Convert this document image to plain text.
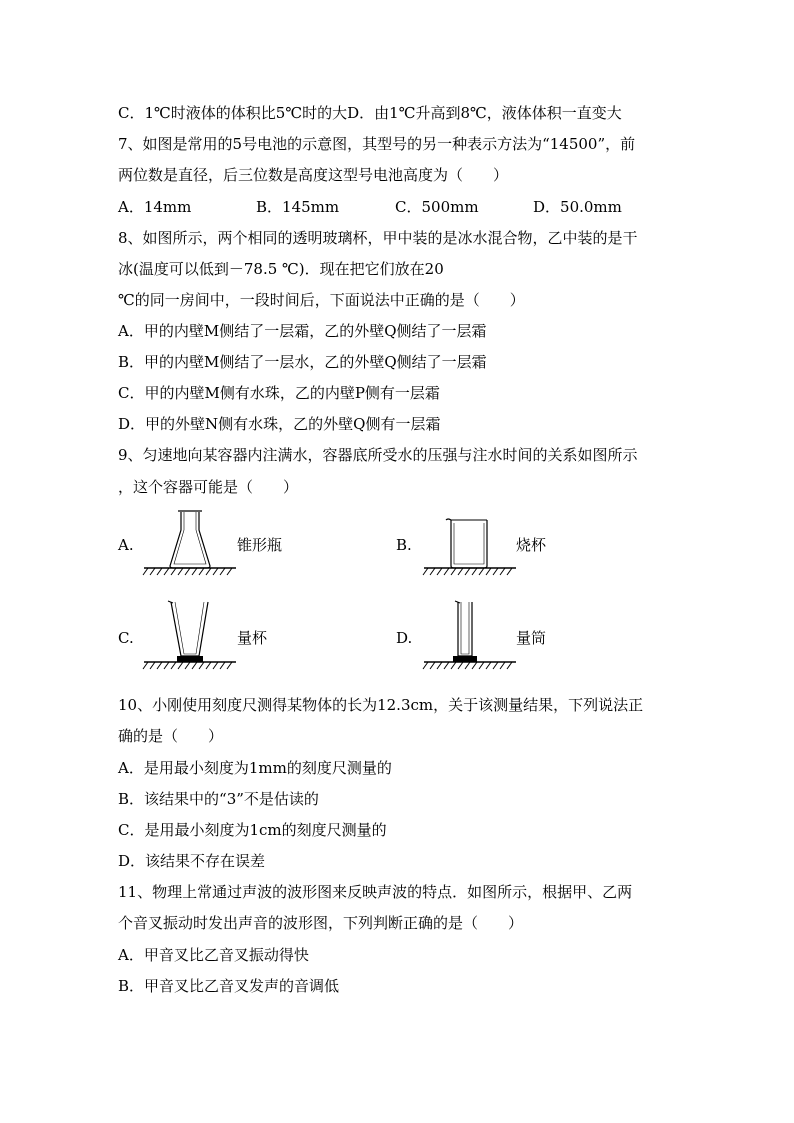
C．1℃时液体的体积比5℃时的大D．由1℃升高到8℃，液体体积一直变大
7、如图是常用的5号电池的示意图，其型号的另一种表示方法为“14500”，前
两位数是直径，后三位数是高度这型号电池高度为（　　）
A．14mm	B．145mm	C．500mm	D．50.0mm
8、如图所示，两个相同的透明玻璃杯，甲中装的是冰水混合物，乙中装的是干
冰(温度可以低到－78.5 ℃)．现在把它们放在20
℃的同一房间中，一段时间后，下面说法中正确的是（　　）
A．甲的内壁M侧结了一层霜，乙的外壁Q侧结了一层霜
B．甲的内壁M侧结了一层水，乙的外壁Q侧结了一层霜
C．甲的内壁M侧有水珠，乙的内壁P侧有一层霜
D．甲的外壁N侧有水珠，乙的外壁Q侧有一层霜
9、匀速地向某容器内注满水，容器底所受水的压强与注水时间的关系如图所示
，这个容器可能是（　　）
A.	锥形瓶	B.	烧杯
C.	量杯	D.	量筒
10、小刚使用刻度尺测得某物体的长为12.3cm，关于该测量结果，下列说法正
确的是（　　）
A．是用最小刻度为1mm的刻度尺测量的
B．该结果中的“3”不是估读的
C．是用最小刻度为1cm的刻度尺测量的
D．该结果不存在误差
11、物理上常通过声波的波形图来反映声波的特点．如图所示，根据甲、乙两
个音叉振动时发出声音的波形图，下列判断正确的是（　　）
A．甲音叉比乙音叉振动得快
B．甲音叉比乙音叉发声的音调低
